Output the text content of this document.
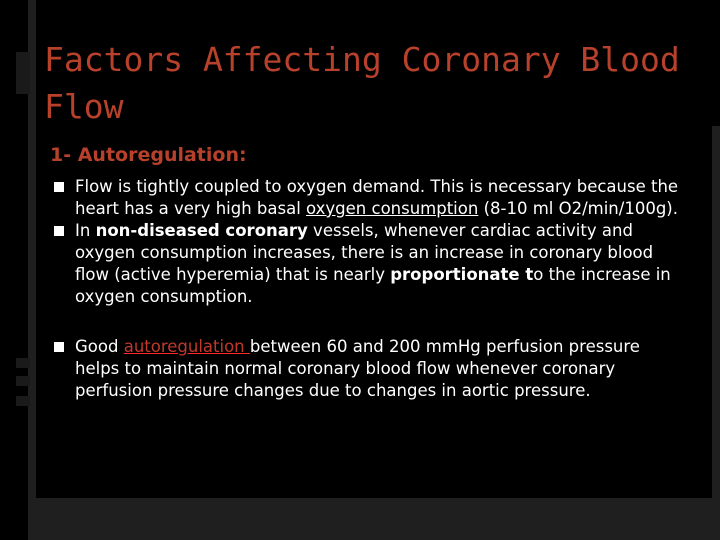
Factors Affecting Coronary Blood Flow
1- Autoregulation:
Flow is tightly coupled to oxygen demand. This is necessary because the heart has a very high basal oxygen consumption (8-10 ml O2/min/100g).
In non-diseased coronary vessels, whenever cardiac activity and oxygen consumption increases, there is an increase in coronary blood flow (active hyperemia) that is nearly proportionate to the increase in oxygen consumption.
Good autoregulation between 60 and 200 mmHg perfusion pressure helps to maintain normal coronary blood flow whenever coronary perfusion pressure changes due to changes in aortic pressure.
